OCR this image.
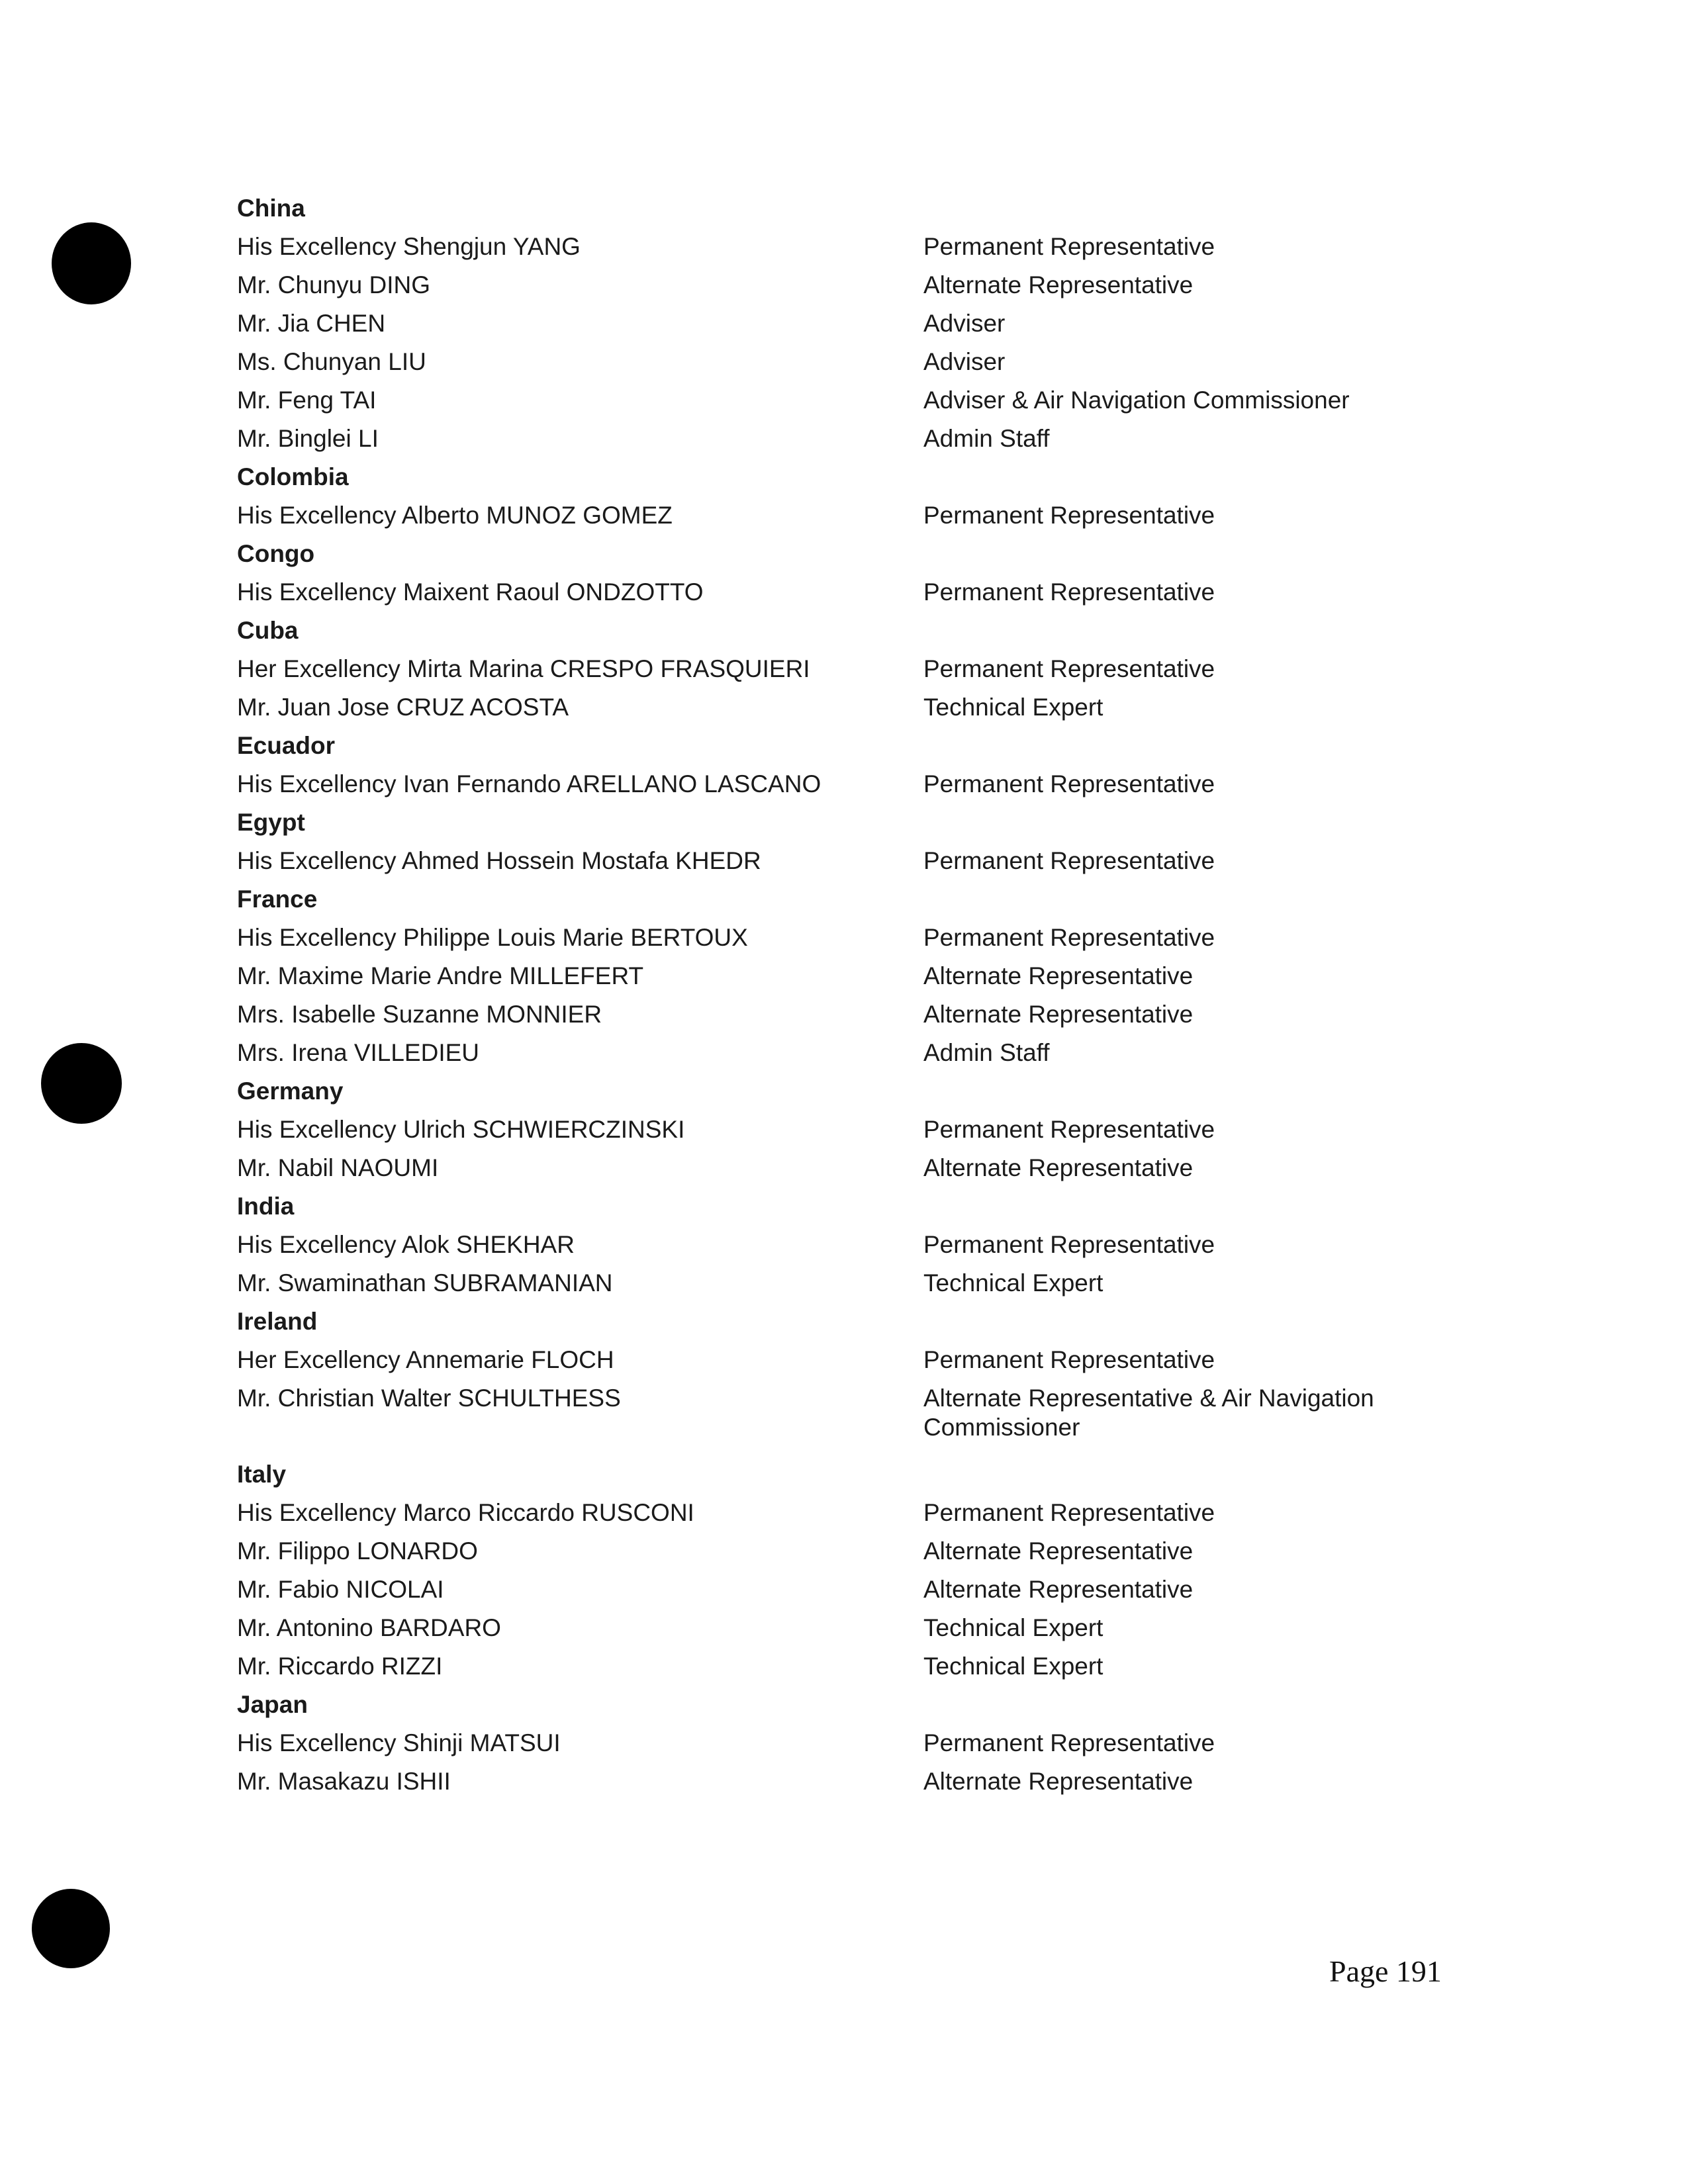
China
His Excellency Shengjun YANG	Permanent Representative
Mr. Chunyu DING	Alternate Representative
Mr. Jia CHEN	Adviser
Ms. Chunyan LIU	Adviser
Mr. Feng TAI	Adviser & Air Navigation Commissioner
Mr. Binglei LI	Admin Staff
Colombia
His Excellency Alberto MUNOZ GOMEZ	Permanent Representative
Congo
His Excellency Maixent Raoul ONDZOTTO	Permanent Representative
Cuba
Her Excellency Mirta Marina CRESPO FRASQUIERI	Permanent Representative
Mr. Juan Jose CRUZ ACOSTA	Technical Expert
Ecuador
His Excellency Ivan Fernando ARELLANO LASCANO	Permanent Representative
Egypt
His Excellency Ahmed Hossein Mostafa KHEDR	Permanent Representative
France
His Excellency Philippe Louis Marie BERTOUX	Permanent Representative
Mr. Maxime Marie Andre MILLEFERT	Alternate Representative
Mrs. Isabelle Suzanne MONNIER	Alternate Representative
Mrs. Irena VILLEDIEU	Admin Staff
Germany
His Excellency Ulrich SCHWIERCZINSKI	Permanent Representative
Mr. Nabil NAOUMI	Alternate Representative
India
His Excellency Alok SHEKHAR	Permanent Representative
Mr. Swaminathan SUBRAMANIAN	Technical Expert
Ireland
Her Excellency Annemarie FLOCH	Permanent Representative
Mr. Christian Walter SCHULTHESS	Alternate Representative & Air Navigation Commissioner
Italy
His Excellency Marco Riccardo RUSCONI	Permanent Representative
Mr. Filippo LONARDO	Alternate Representative
Mr. Fabio NICOLAI	Alternate Representative
Mr. Antonino BARDARO	Technical Expert
Mr. Riccardo RIZZI	Technical Expert
Japan
His Excellency Shinji MATSUI	Permanent Representative
Mr. Masakazu ISHII	Alternate Representative
Page 191
